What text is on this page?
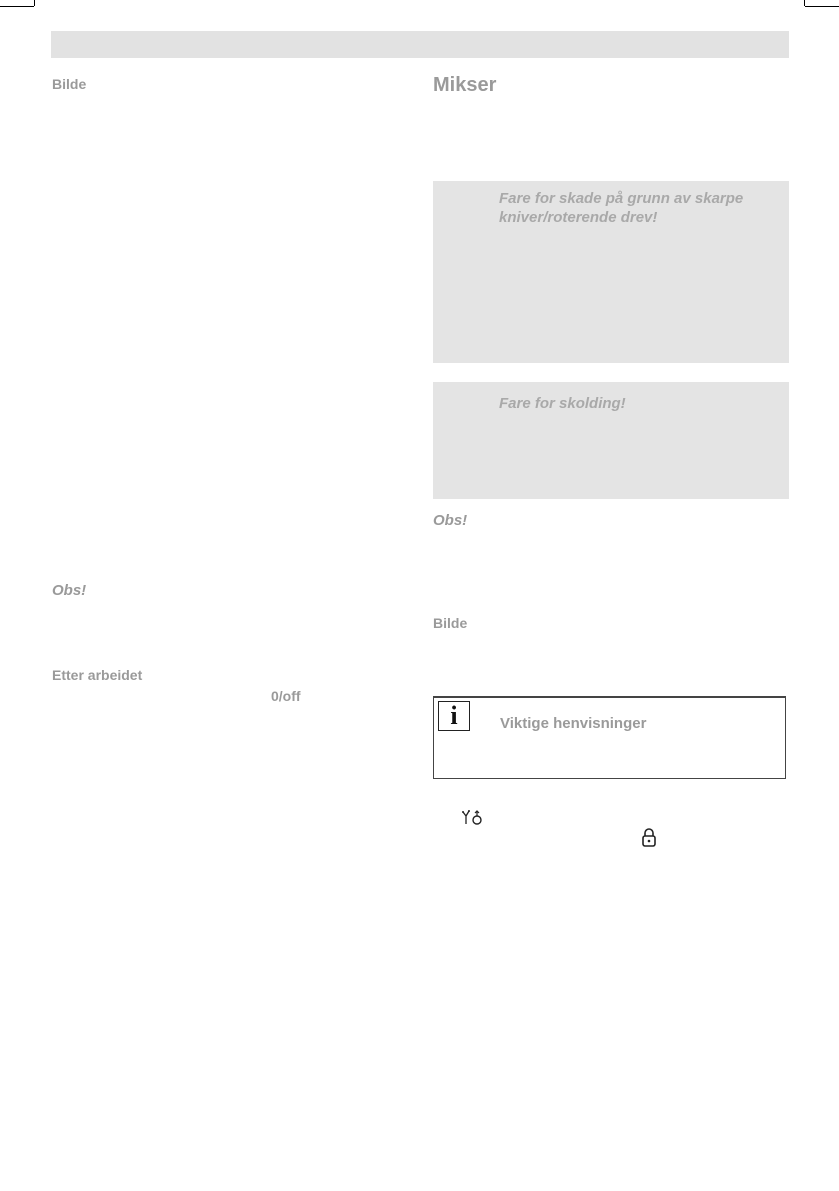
Bilde
Obs!
Etter arbeidet
0/off
Mikser
Fare for skade på grunn av skarpe
kniver/roterende drev!
Fare for skolding!
Obs!
Bilde
i	Viktige henvisninger
